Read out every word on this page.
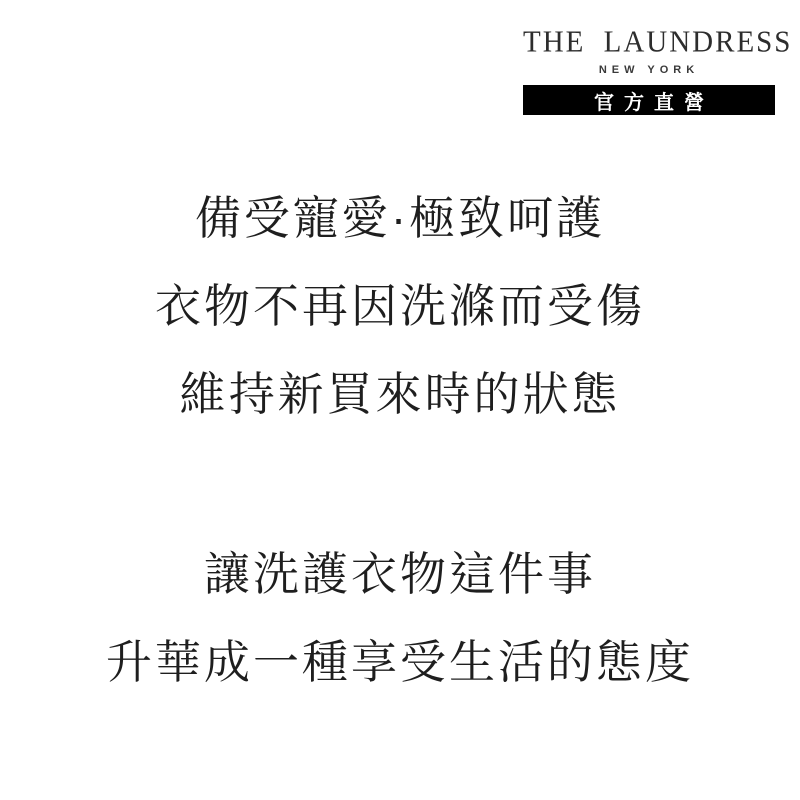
THE LAUNDRESS
NEW YORK
官方直營

備受寵愛·極致呵護
衣物不再因洗滌而受傷
維持新買來時的狀態

讓洗護衣物這件事
升華成一種享受生活的態度
